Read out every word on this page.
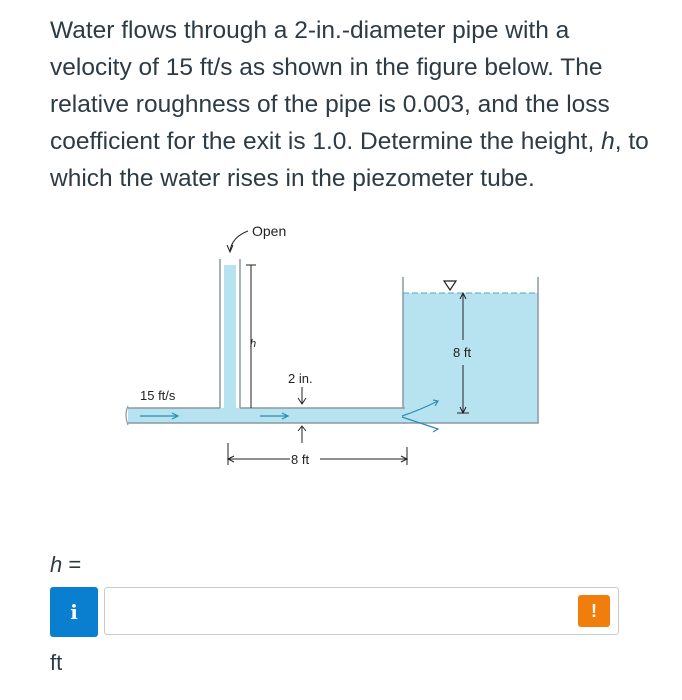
Water flows through a 2-in.-diameter pipe with a velocity of 15 ft/s as shown in the figure below. The relative roughness of the pipe is 0.003, and the loss coefficient for the exit is 1.0. Determine the height, h, to which the water rises in the piezometer tube.

Open
h
2 in.
15 ft/s
8 ft
8 ft
h =
i	!
ft
